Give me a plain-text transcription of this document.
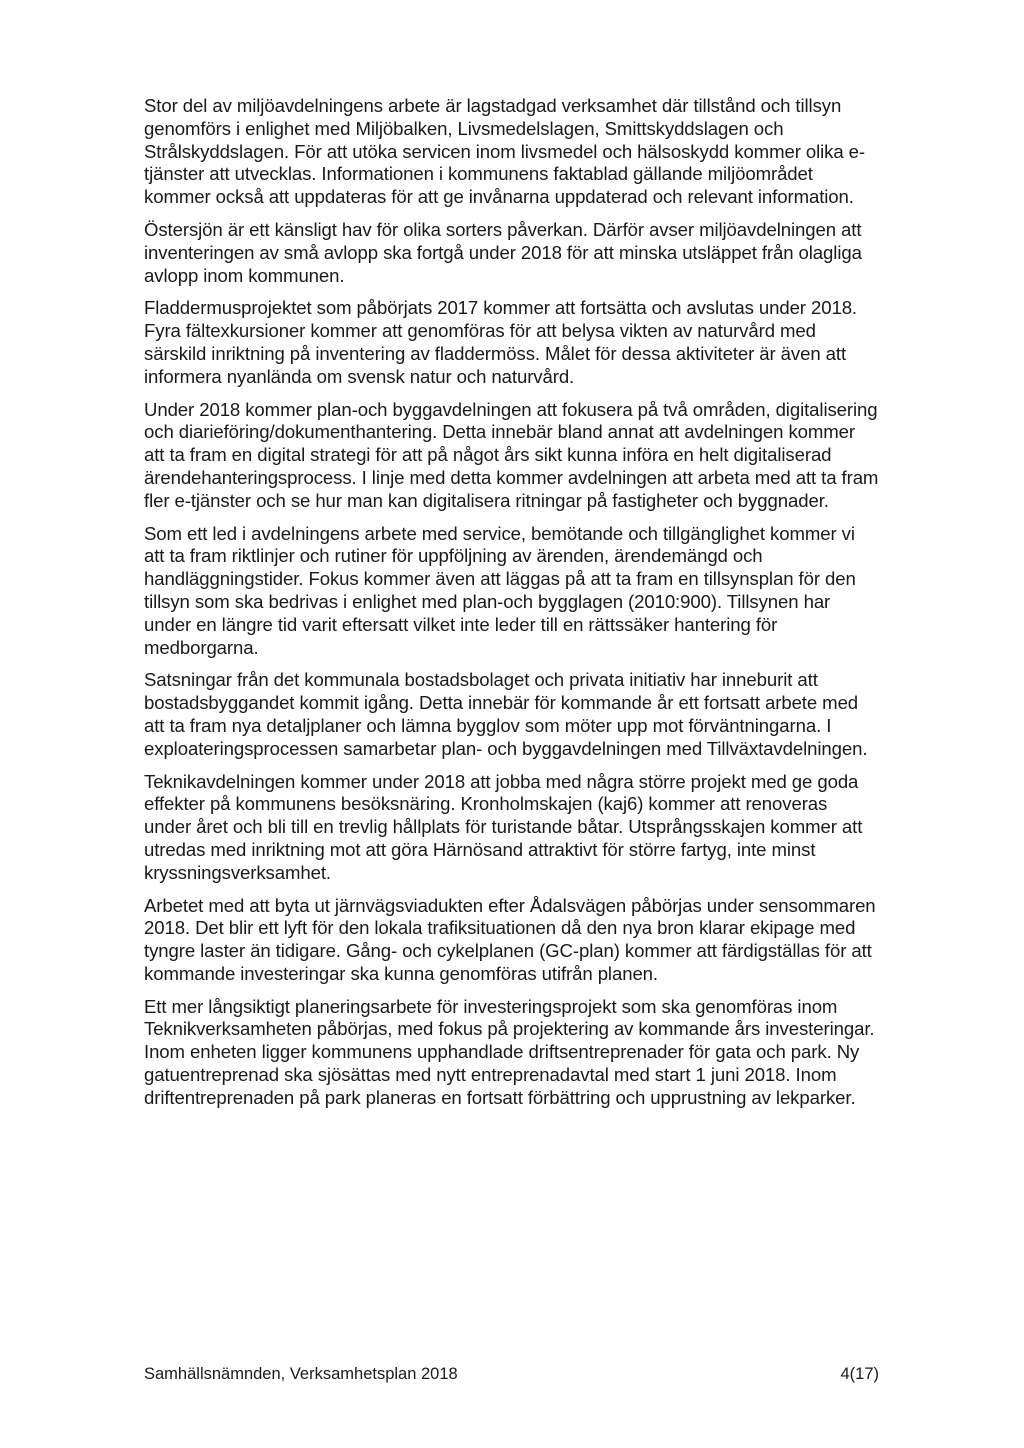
Stor del av miljöavdelningens arbete är lagstadgad verksamhet där tillstånd och tillsyn genomförs i enlighet med Miljöbalken, Livsmedelslagen, Smittskyddslagen och Strålskyddslagen. För att utöka servicen inom livsmedel och hälsoskydd kommer olika e-tjänster att utvecklas. Informationen i kommunens faktablad gällande miljöområdet kommer också att uppdateras för att ge invånarna uppdaterad och relevant information.

Östersjön är ett känsligt hav för olika sorters påverkan. Därför avser miljöavdelningen att inventeringen av små avlopp ska fortgå under 2018 för att minska utsläppet från olagliga avlopp inom kommunen.

Fladdermusprojektet som påbörjats 2017 kommer att fortsätta och avslutas under 2018. Fyra fältexkursioner kommer att genomföras för att belysa vikten av naturvård med särskild inriktning på inventering av fladdermöss. Målet för dessa aktiviteter är även att informera nyanlända om svensk natur och naturvård.

Under 2018 kommer plan-och byggavdelningen att fokusera på två områden, digitalisering och diarieföring/dokumenthantering. Detta innebär bland annat att avdelningen kommer att ta fram en digital strategi för att på något års sikt kunna införa en helt digitaliserad ärendehanteringsprocess. I linje med detta kommer avdelningen att arbeta med att ta fram fler e-tjänster och se hur man kan digitalisera ritningar på fastigheter och byggnader.

Som ett led i avdelningens arbete med service, bemötande och tillgänglighet kommer vi att ta fram riktlinjer och rutiner för uppföljning av ärenden, ärendemängd och handläggningstider. Fokus kommer även att läggas på att ta fram en tillsynsplan för den tillsyn som ska bedrivas i enlighet med plan-och bygglagen (2010:900). Tillsynen har under en längre tid varit eftersatt vilket inte leder till en rättssäker hantering för medborgarna.

Satsningar från det kommunala bostadsbolaget och privata initiativ har inneburit att bostadsbyggandet kommit igång. Detta innebär för kommande år ett fortsatt arbete med att ta fram nya detaljplaner och lämna bygglov som möter upp mot förväntningarna. I exploateringsprocessen samarbetar plan- och byggavdelningen med Tillväxtavdelningen.

Teknikavdelningen kommer under 2018 att jobba med några större projekt med ge goda effekter på kommunens besöksnäring. Kronholmskajen (kaj6) kommer att renoveras under året och bli till en trevlig hållplats för turistande båtar. Utsprångsskajen kommer att utredas med inriktning mot att göra Härnösand attraktivt för större fartyg, inte minst kryssningsverksamhet.

Arbetet med att byta ut järnvägsviadukten efter Ådalsvägen påbörjas under sensommaren 2018. Det blir ett lyft för den lokala trafiksituationen då den nya bron klarar ekipage med tyngre laster än tidigare. Gång- och cykelplanen (GC-plan) kommer att färdigställas för att kommande investeringar ska kunna genomföras utifrån planen.

Ett mer långsiktigt planeringsarbete för investeringsprojekt som ska genomföras inom Teknikverksamheten påbörjas, med fokus på projektering av kommande års investeringar. Inom enheten ligger kommunens upphandlade driftsentreprenader för gata och park. Ny gatuentreprenad ska sjösättas med nytt entreprenadavtal med start 1 juni 2018. Inom driftentreprenaden på park planeras en fortsatt förbättring och upprustning av lekparker.

Samhällsnämnden, Verksamhetsplan 2018	4(17)
